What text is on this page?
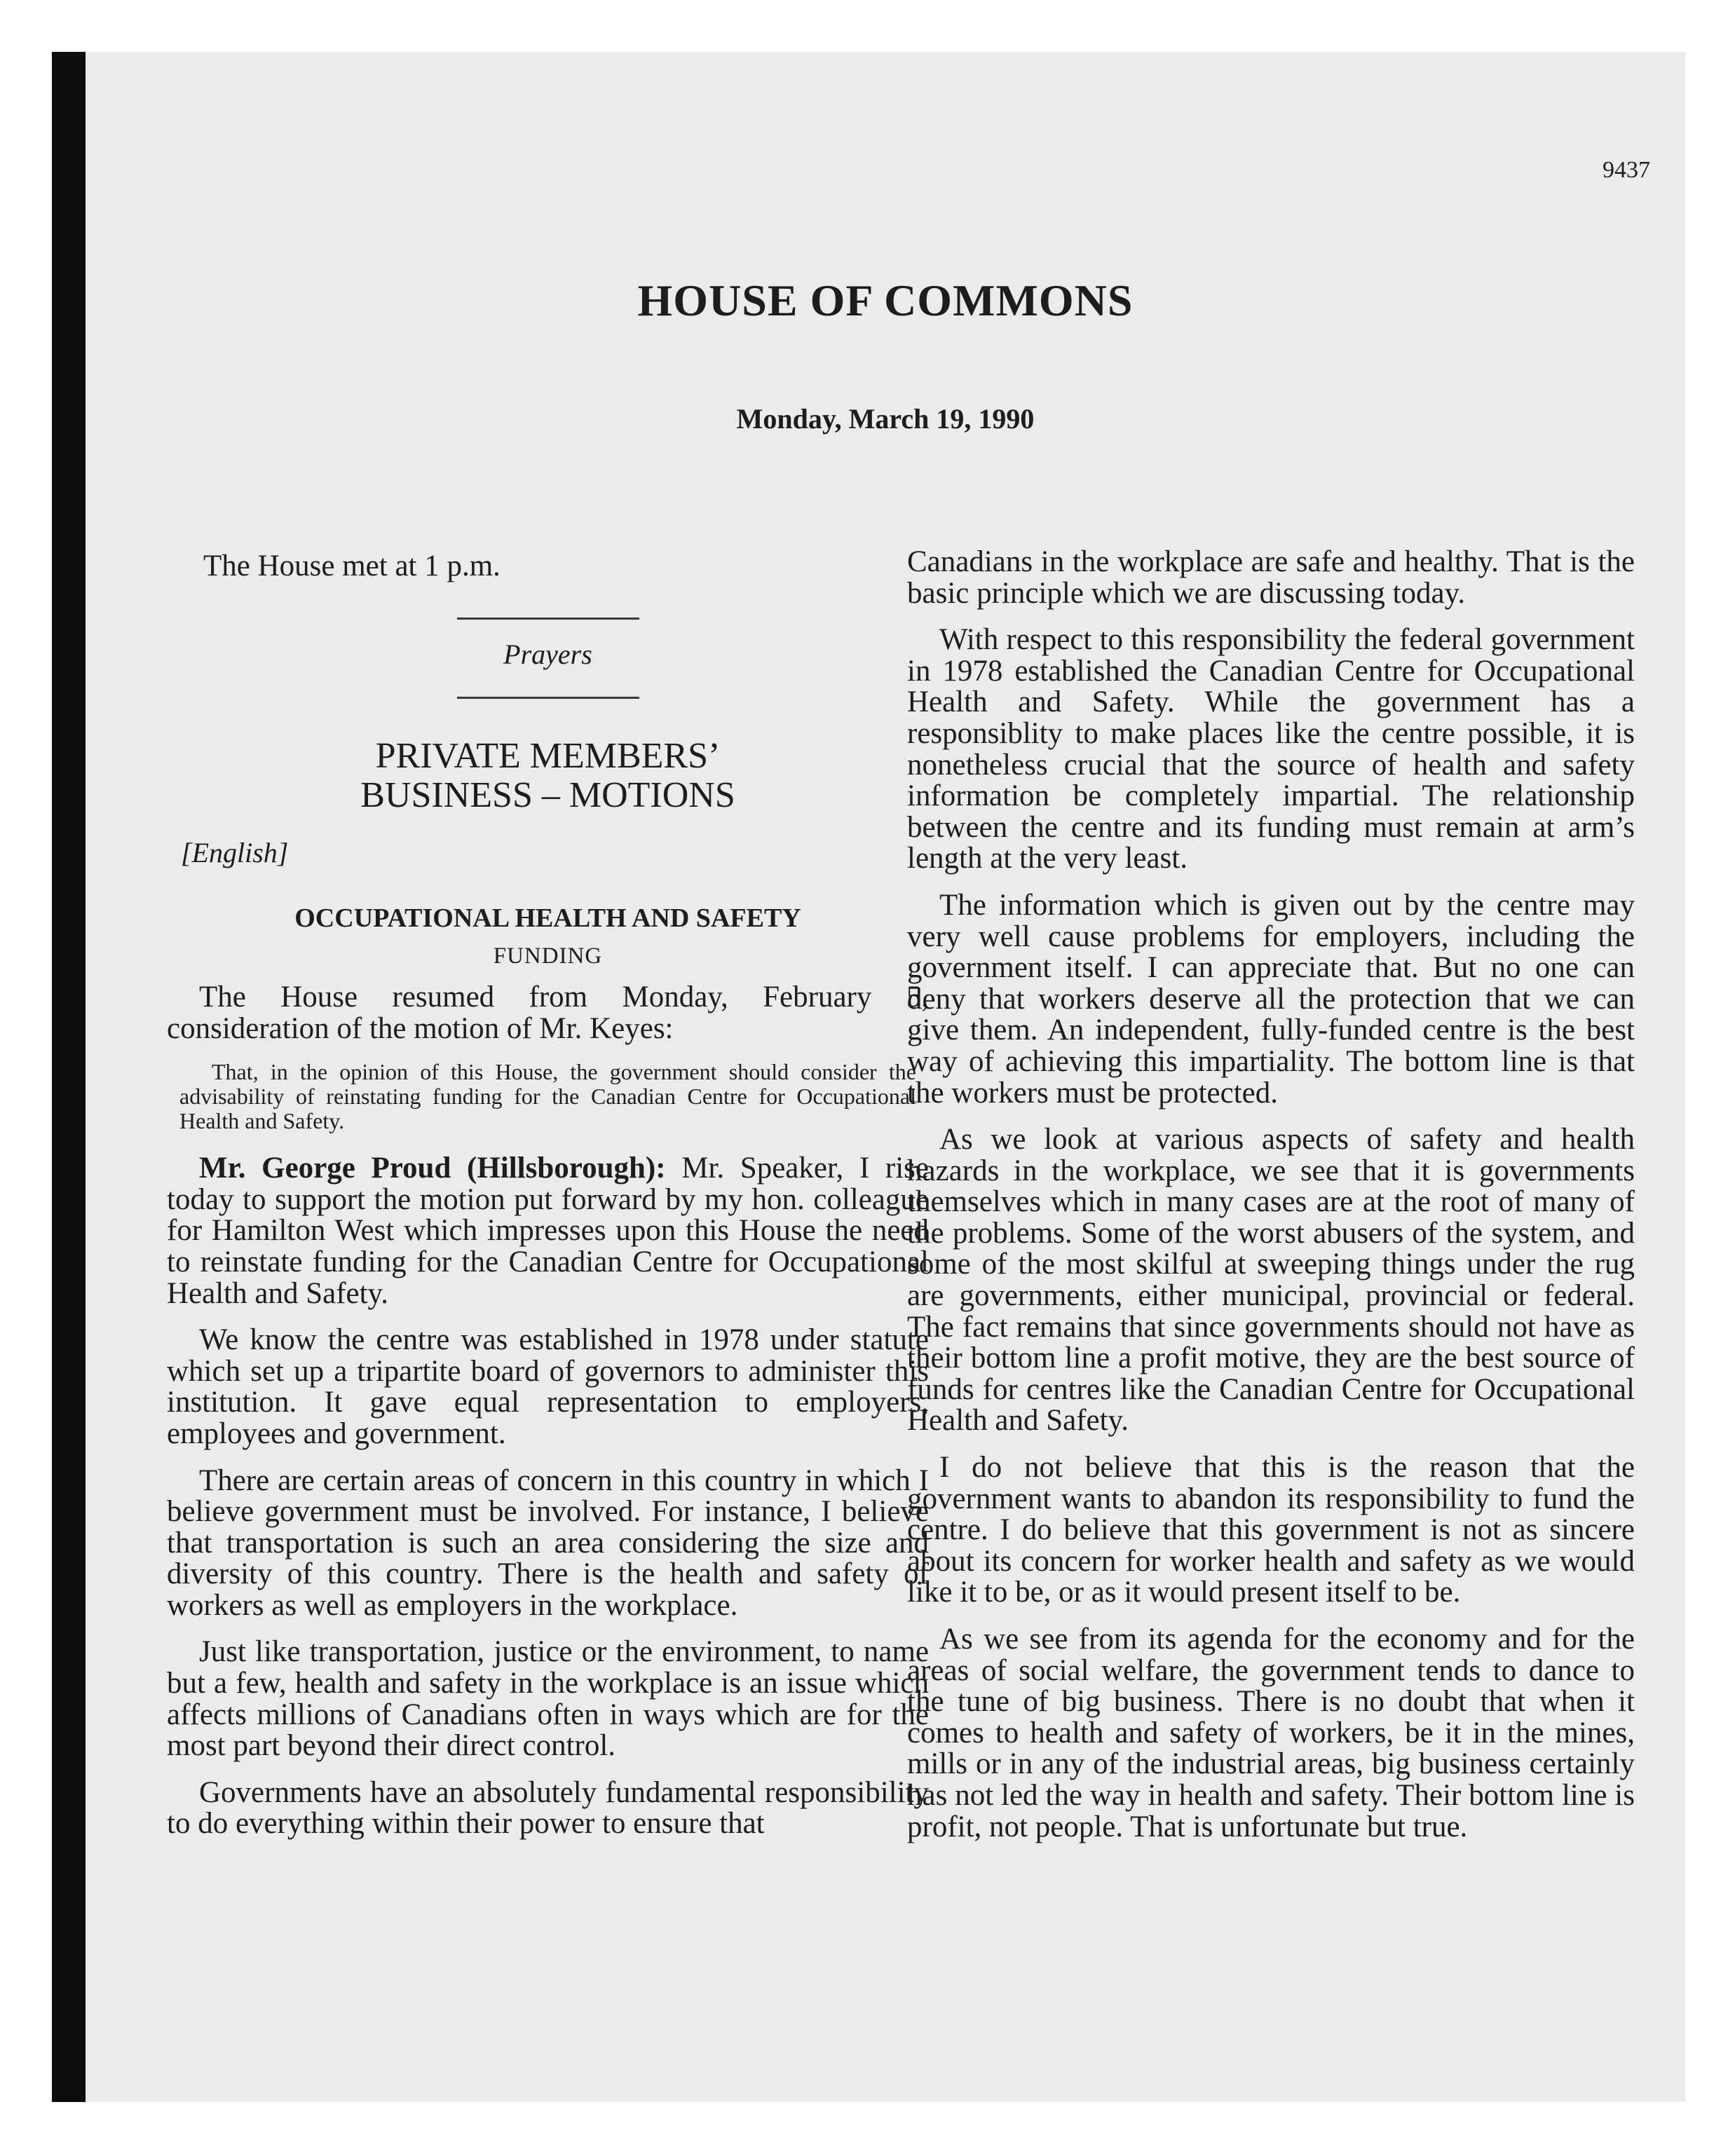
9437
HOUSE OF COMMONS
Monday, March 19, 1990

The House met at 1 p.m.

Prayers
PRIVATE MEMBERS’
BUSINESS – MOTIONS
[English]
OCCUPATIONAL HEALTH AND SAFETY
FUNDING

The House resumed from Monday, February 5, consideration of the motion of Mr. Keyes:

That, in the opinion of this House, the government should consider the advisability of reinstating funding for the Canadian Centre for Occupational Health and Safety.

Mr. George Proud (Hillsborough): Mr. Speaker, I rise today to support the motion put forward by my hon. colleague for Hamilton West which impresses upon this House the need to reinstate funding for the Canadian Centre for Occupational Health and Safety.

We know the centre was established in 1978 under statute which set up a tripartite board of governors to administer this institution. It gave equal representation to employers, employees and government.

There are certain areas of concern in this country in which I believe government must be involved. For instance, I believe that transportation is such an area considering the size and diversity of this country. There is the health and safety of workers as well as employers in the workplace.

Just like transportation, justice or the environment, to name but a few, health and safety in the workplace is an issue which affects millions of Canadians often in ways which are for the most part beyond their direct control.

Governments have an absolutely fundamental responsibility to do everything within their power to ensure that

Canadians in the workplace are safe and healthy. That is the basic principle which we are discussing today.

With respect to this responsibility the federal government in 1978 established the Canadian Centre for Occupational Health and Safety. While the government has a responsiblity to make places like the centre possible, it is nonetheless crucial that the source of health and safety information be completely impartial. The relationship between the centre and its funding must remain at arm’s length at the very least.

The information which is given out by the centre may very well cause problems for employers, including the government itself. I can appreciate that. But no one can deny that workers deserve all the protection that we can give them. An independent, fully-funded centre is the best way of achieving this impartiality. The bottom line is that the workers must be protected.

As we look at various aspects of safety and health hazards in the workplace, we see that it is governments themselves which in many cases are at the root of many of the problems. Some of the worst abusers of the system, and some of the most skilful at sweeping things under the rug are governments, either municipal, provincial or federal. The fact remains that since governments should not have as their bottom line a profit motive, they are the best source of funds for centres like the Canadian Centre for Occupational Health and Safety.

I do not believe that this is the reason that the government wants to abandon its responsibility to fund the centre. I do believe that this government is not as sincere about its concern for worker health and safety as we would like it to be, or as it would present itself to be.

As we see from its agenda for the economy and for the areas of social welfare, the government tends to dance to the tune of big business. There is no doubt that when it comes to health and safety of workers, be it in the mines, mills or in any of the industrial areas, big business certainly has not led the way in health and safety. Their bottom line is profit, not people. That is unfortunate but true.
